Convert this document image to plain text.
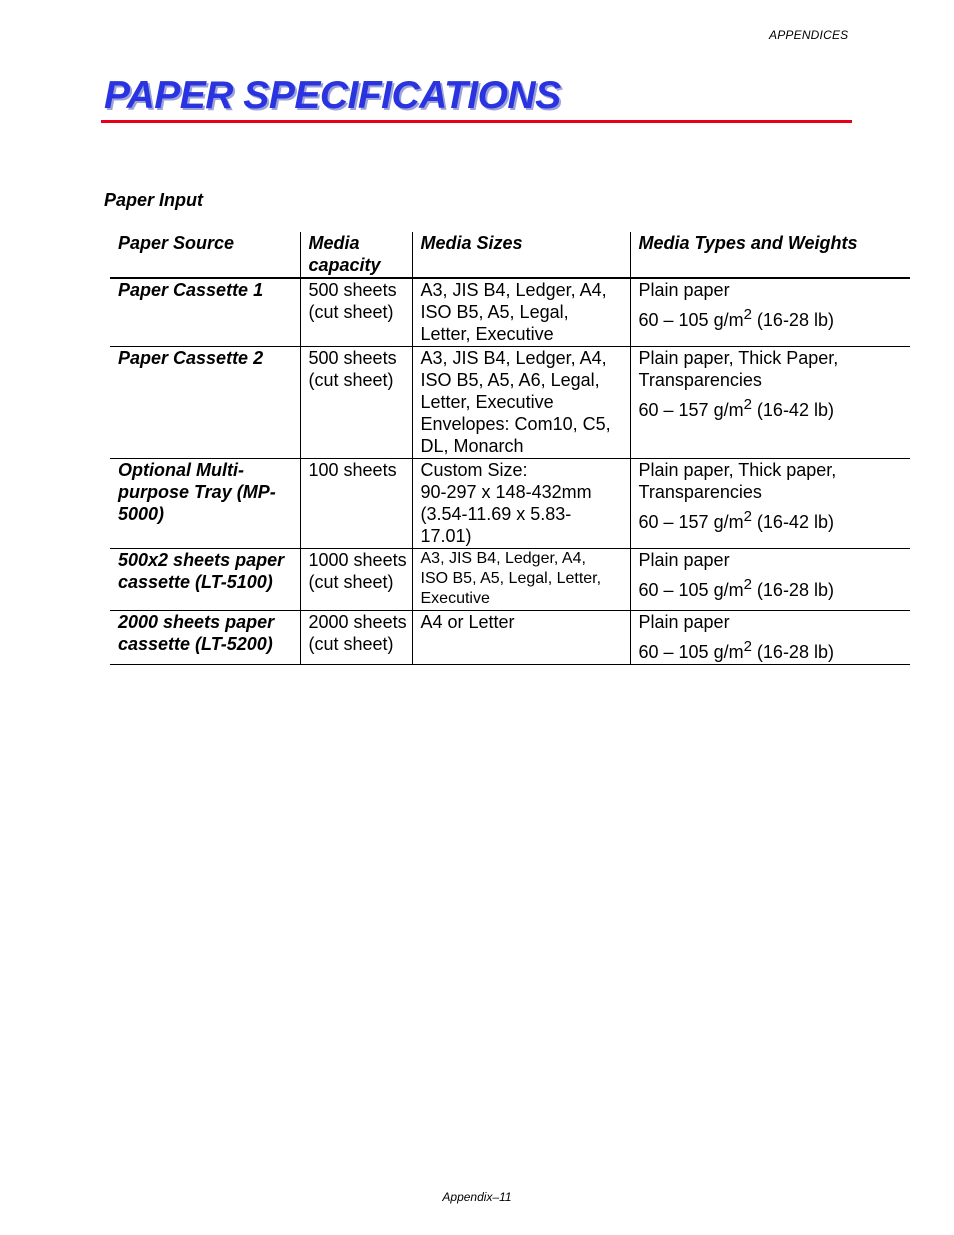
APPENDICES
PAPER SPECIFICATIONS
Paper Input
Paper Source	Media capacity	Media Sizes	Media Types and Weights
Paper Cassette 1	500 sheets (cut sheet)	A3, JIS B4, Ledger, A4,
ISO B5, A5, Legal,
Letter, Executive	Plain paper
60 – 105 $g/m^2$ (16-28 lb)

Paper Cassette 2	500 sheets (cut sheet)	A3, JIS B4, Ledger, A4,
ISO B5, A5, A6, Legal,
Letter, Executive
Envelopes: Com10, C5,
DL, Monarch	Plain paper, Thick Paper, Transparencies
60 – 157 $g/m^2$ (16-42 lb)

Optional Multi-purpose Tray (MP-5000)	100 sheets	Custom Size:
90-297 x 148-432mm
(3.54-11.69 x 5.83-
17.01)	Plain paper, Thick paper, Transparencies
60 – 157 $g/m^2$ (16-42 lb)

500x2 sheets paper cassette (LT-5100)	1000 sheets (cut sheet)	A3, JIS B4, Ledger, A4,
ISO B5, A5, Legal, Letter,
Executive	Plain paper
60 – 105 $g/m^2$ (16-28 lb)

2000 sheets paper cassette (LT-5200)	2000 sheets (cut sheet)	A4 or Letter	Plain paper
60 – 105 $g/m^2$ (16-28 lb)
Appendix–11
